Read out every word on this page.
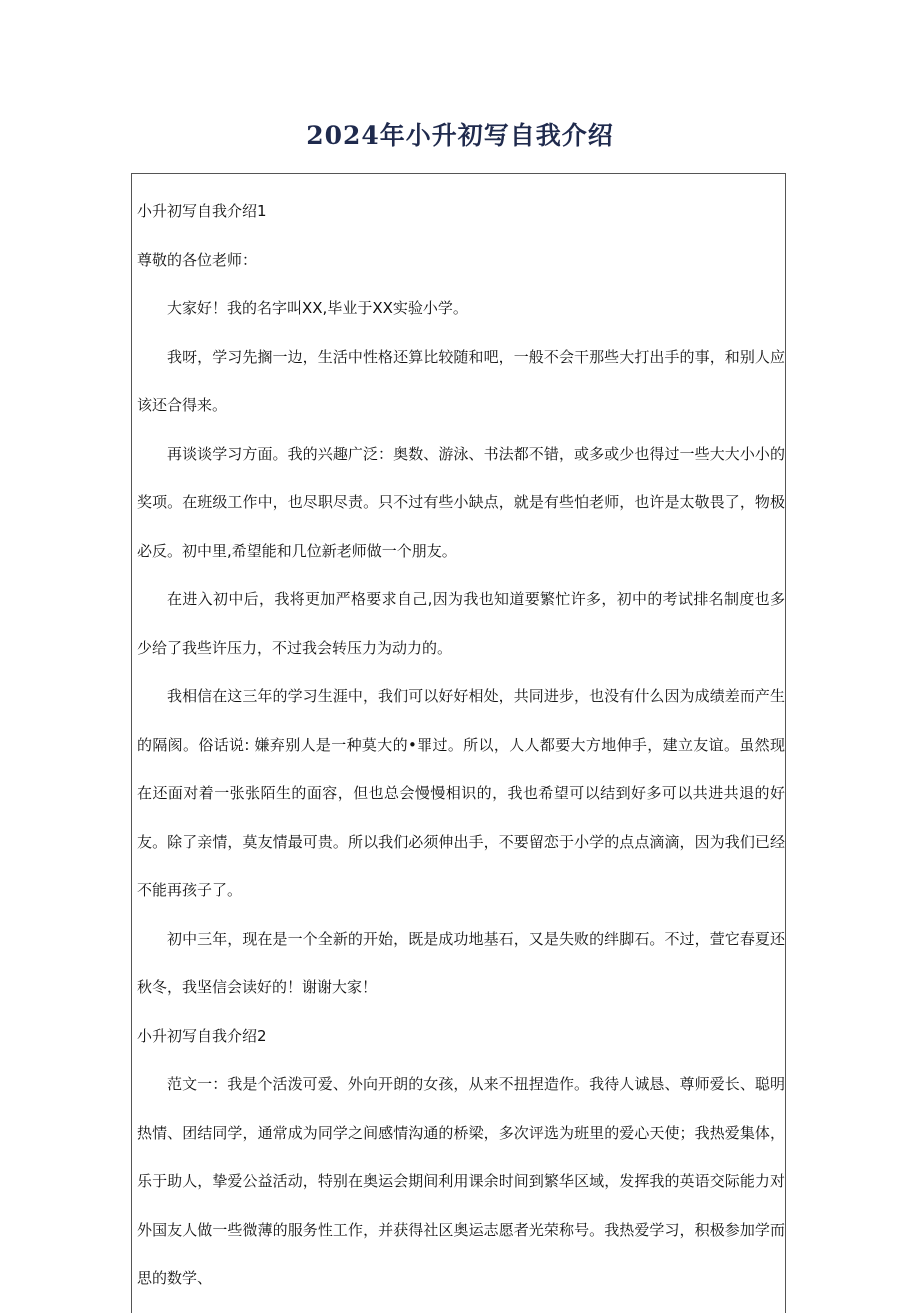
2024年小升初写自我介绍

小升初写自我介绍1

尊敬的各位老师：

大家好！我的名字叫XX,毕业于XX实验小学。

我呀，学习先搁一边，生活中性格还算比较随和吧，一般不会干那些大打出手的事，和别人应该还合得来。

再谈谈学习方面。我的兴趣广泛：奥数、游泳、书法都不错，或多或少也得过一些大大小小的奖项。在班级工作中，也尽职尽责。只不过有些小缺点，就是有些怕老师，也许是太敬畏了，物极必反。初中里,希望能和几位新老师做一个朋友。

在进入初中后，我将更加严格要求自己,因为我也知道要繁忙许多，初中的考试排名制度也多少给了我些许压力，不过我会转压力为动力的。

我相信在这三年的学习生涯中，我们可以好好相处，共同进步，也没有什么因为成绩差而产生的隔阂。俗话说: 嫌弃别人是一种莫大的•罪过。所以，人人都要大方地伸手，建立友谊。虽然现在还面对着一张张陌生的面容，但也总会慢慢相识的，我也希望可以结到好多可以共进共退的好友。除了亲情，莫友情最可贵。所以我们必须伸出手，不要留恋于小学的点点滴滴，因为我们已经不能再孩子了。

初中三年，现在是一个全新的开始，既是成功地基石，又是失败的绊脚石。不过，萱它春夏还秋冬，我坚信会读好的！谢谢大家！

小升初写自我介绍2

范文一：我是个活泼可爱、外向开朗的女孩，从来不扭捏造作。我待人诚恳、尊师爱长、聪明热情、团结同学，通常成为同学之间感情沟通的桥梁，多次评选为班里的爱心天使；我热爱集体，乐于助人，挚爱公益活动，特别在奥运会期间利用课余时间到繁华区域，发挥我的英语交际能力对外国友人做一些微薄的服务性工作，并获得社区奥运志愿者光荣称号。我热爱学习，积极参加学而思的数学、
